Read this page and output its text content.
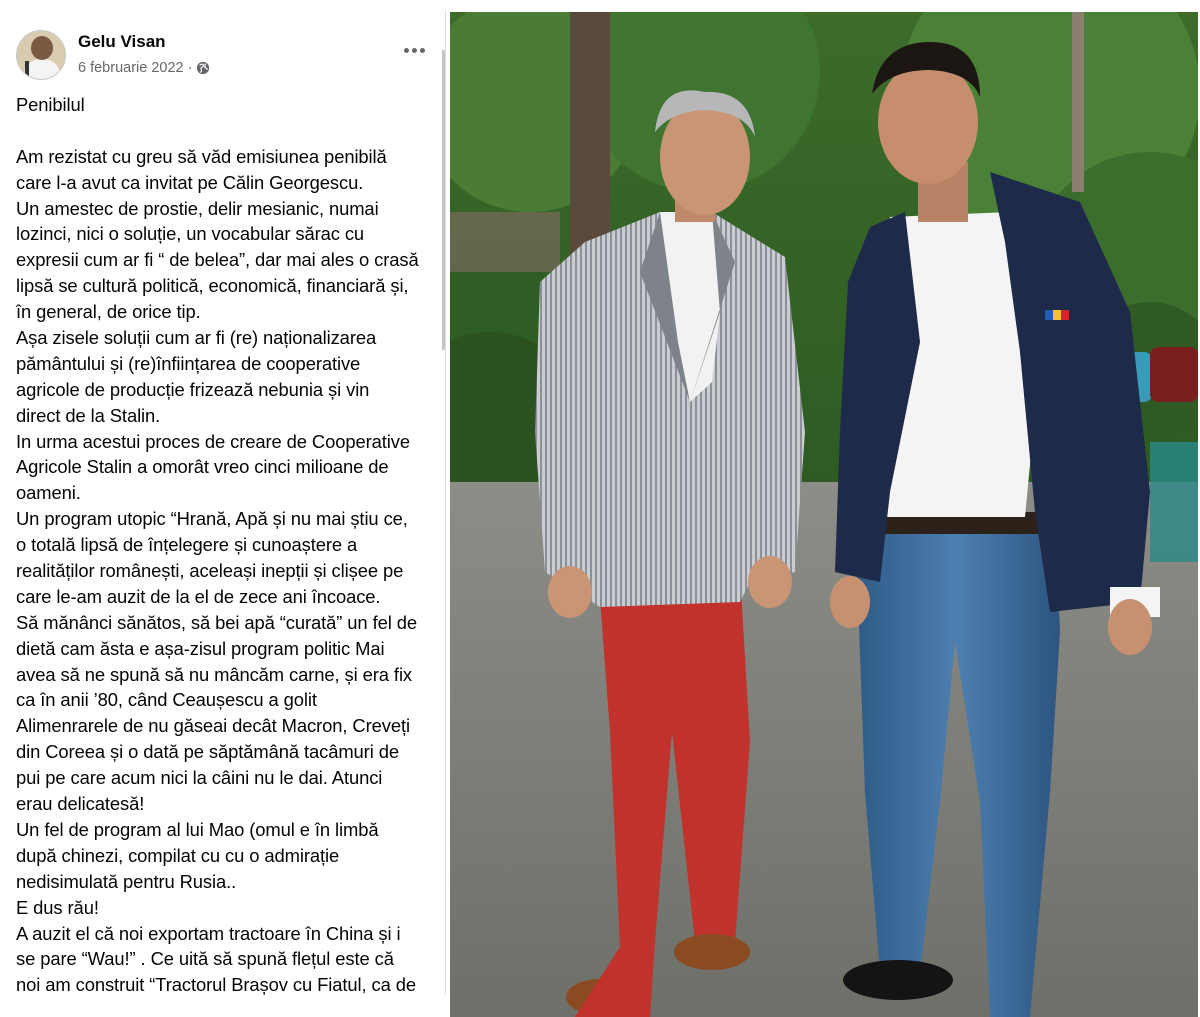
Gelu Visan
6 februarie 2022 ·
Penibilul
Am rezistat cu greu să văd emisiunea penibilă
care l-a avut ca invitat pe Călin Georgescu.
Un amestec de prostie, delir mesianic, numai
lozinci, nici o soluție, un vocabular sărac cu
expresii cum ar fi “ de belea”, dar mai ales o crasă
lipsă se cultură politică, economică, financiară și,
în general, de orice tip.
Așa zisele soluții cum ar fi (re) naționalizarea
pământului și (re)înființarea de cooperative
agricole de producție frizează nebunia și vin
direct de la Stalin.
In urma acestui proces de creare de Cooperative
Agricole Stalin a omorât vreo cinci milioane de
oameni.
Un program utopic “Hrană, Apă și nu mai știu ce,
o totală lipsă de înțelegere și cunoaștere a
realităților românești, aceleași inepții și clișee pe
care le-am auzit de la el de zece ani încoace.
Să mănânci sănătos, să bei apă “curată” un fel de
dietă cam ăsta e așa-zisul program politic Mai
avea să ne spună să nu mâncăm carne, și era fix
ca în anii ’80, când Ceaușescu a golit
Alimenrarele de nu găseai decât Macron, Creveți
din Coreea și o dată pe săptămână tacâmuri de
pui pe care acum nici la câini nu le dai. Atunci
erau delicatesă!
Un fel de program al lui Mao (omul e în limbă
după chinezi, compilat cu cu o admirație
nedisimulată pentru Rusia..
E dus rău!
A auzit el că noi exportam tractoare în China și i
se pare “Wau!” . Ce uită să spună flețul este că
noi am construit “Tractorul Brașov cu Fiatul, ca de
